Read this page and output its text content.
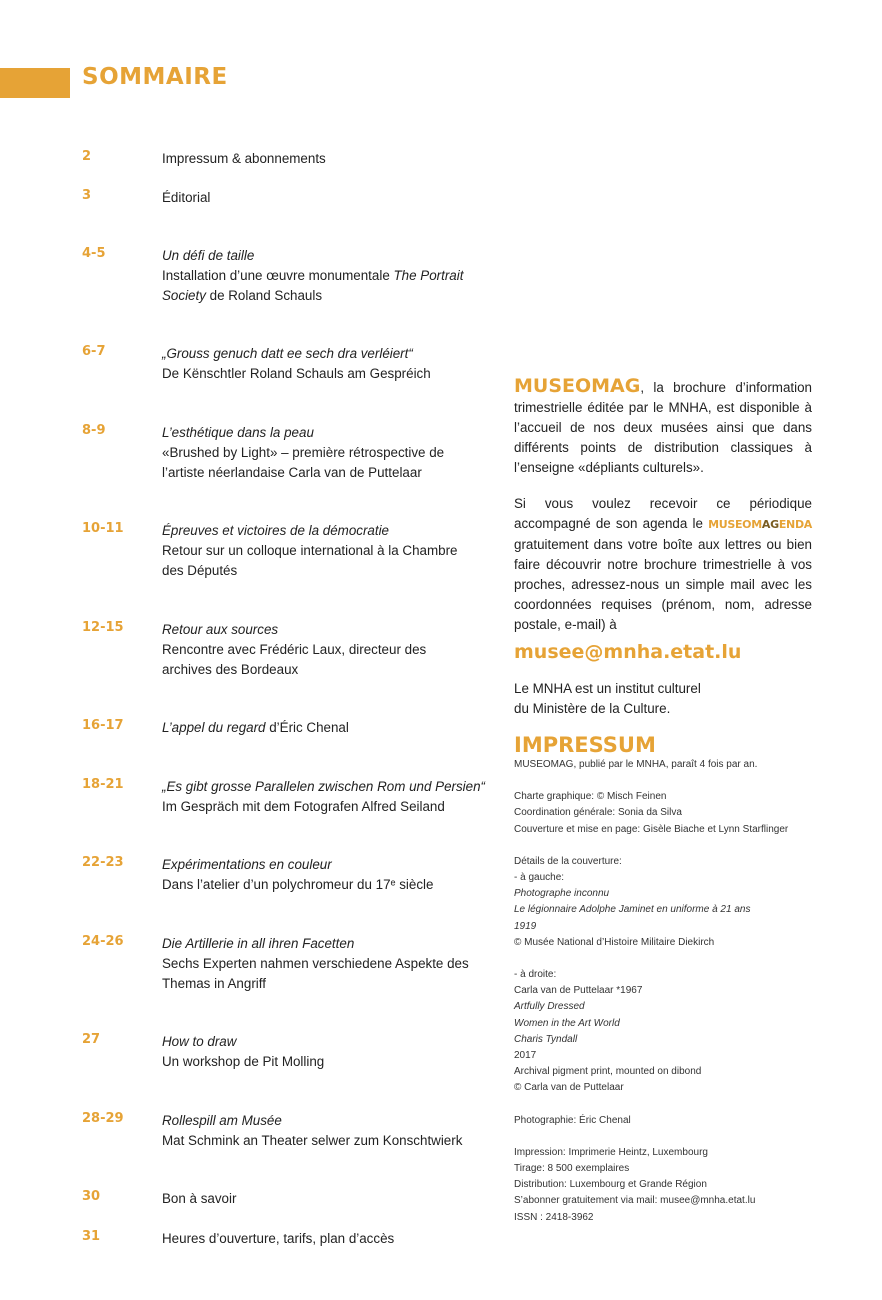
SOMMAIRE
2	Impressum & abonnements
3	Éditorial
4-5	Un défi de taille
Installation d’une œuvre monumentale The Portrait
Society de Roland Schauls
6-7	„Grouss genuch datt ee sech dra verléiert“
De Kënschtler Roland Schauls am Gespréich
8-9	L’esthétique dans la peau
«Brushed by Light» – première rétrospective de
l’artiste néerlandaise Carla van de Puttelaar
10-11	Épreuves et victoires de la démocratie
Retour sur un colloque international à la Chambre
des Députés
12-15	Retour aux sources
Rencontre avec Frédéric Laux, directeur des
archives des Bordeaux
16-17	L’appel du regard d’Éric Chenal
18-21	„Es gibt grosse Parallelen zwischen Rom und Persien“
Im Gespräch mit dem Fotografen Alfred Seiland
22-23	Expérimentations en couleur
Dans l’atelier d’un polychromeur du 17ᵉ siècle
24-26	Die Artillerie in all ihren Facetten
Sechs Experten nahmen verschiedene Aspekte des
Themas in Angriff
27	How to draw
Un workshop de Pit Molling
28-29	Rollespill am Musée
Mat Schmink an Theater selwer zum Konschtwierk
30	Bon à savoir
31	Heures d’ouverture, tarifs, plan d’accès

MUSEOMAG, la brochure d’information trimestrielle éditée par le MNHA, est disponible à l’accueil de nos deux musées ainsi que dans différents points de distribution classiques à l’enseigne «dépliants culturels».

Si vous voulez recevoir ce périodique accompagné de son agenda le MUSEOMAGENDA gratuitement dans votre boîte aux lettres ou bien faire découvrir notre brochure trimestrielle à vos proches, adressez-nous un simple mail avec les coordonnées requises (prénom, nom, adresse postale, e-mail) à

musee@mnha.etat.lu

Le MNHA est un institut culturel
du Ministère de la Culture.

IMPRESSUM

MUSEOMAG, publié par le MNHA, paraît 4 fois par an.

Charte graphique: © Misch Feinen

Coordination générale: Sonia da Silva

Couverture et mise en page: Gisèle Biache et Lynn Starflinger

Détails de la couverture:

- à gauche:

Photographe inconnu

Le légionnaire Adolphe Jaminet en uniforme à 21 ans

1919

© Musée National d’Histoire Militaire Diekirch

- à droite:

Carla van de Puttelaar *1967

Artfully Dressed

Women in the Art World

Charis Tyndall

2017

Archival pigment print, mounted on dibond

© Carla van de Puttelaar

Photographie: Éric Chenal

Impression: Imprimerie Heintz, Luxembourg

Tirage: 8 500 exemplaires

Distribution: Luxembourg et Grande Région

S’abonner gratuitement via mail: musee@mnha.etat.lu

ISSN : 2418-3962
